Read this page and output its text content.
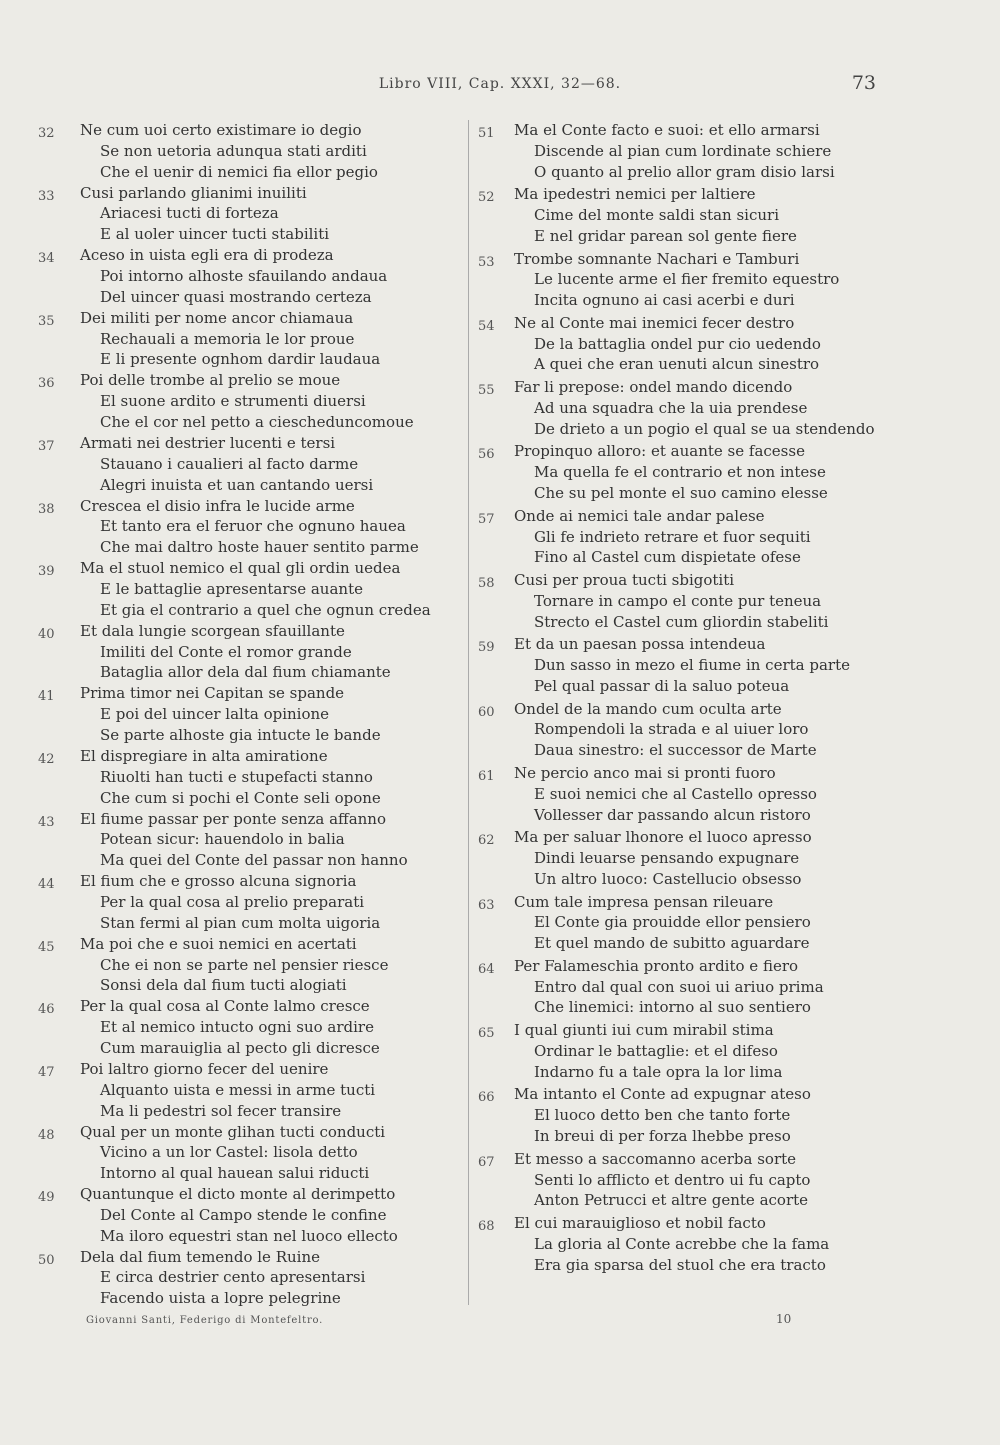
Libro VIII, Cap. XXXI, 32—68.	73
32 Ne cum uoi certo existimare io degio
Se non uetoria adunqua stati arditi
Che el uenir di nemici fia ellor pegio
33 Cusi parlando glianimi inuiliti
Ariacesi tucti di forteza
E al uoler uincer tucti stabiliti
34 Aceso in uista egli era di prodeza
Poi intorno alhoste sfauilando andaua
Del uincer quasi mostrando certeza
35 Dei militi per nome ancor chiamaua
Rechauali a memoria le lor proue
E li presente ognhom dardir laudaua
36 Poi delle trombe al prelio se moue
El suone ardito e strumenti diuersi
Che el cor nel petto a ciescheduncomoue
37 Armati nei destrier lucenti e tersi
Stauano i caualieri al facto darme
Alegri inuista et uan cantando uersi
38 Crescea el disio infra le lucide arme
Et tanto era el feruor che ognuno hauea
Che mai daltro hoste hauer sentito parme
39 Ma el stuol nemico el qual gli ordin uedea
E le battaglie apresentarse auante
Et gia el contrario a quel che ognun credea
40 Et dala lungie scorgean sfauillante
Imiliti del Conte el romor grande
Bataglia allor dela dal fium chiamante
41 Prima timor nei Capitan se spande
E poi del uincer lalta opinione
Se parte alhoste gia intucte le bande
42 El dispregiare in alta amiratione
Riuolti han tucti e stupefacti stanno
Che cum si pochi el Conte seli opone
43 El fiume passar per ponte senza affanno
Potean sicur: hauendolo in balia
Ma quei del Conte del passar non hanno
44 El fium che e grosso alcuna signoria
Per la qual cosa al prelio preparati
Stan fermi al pian cum molta uigoria
45 Ma poi che e suoi nemici en acertati
Che ei non se parte nel pensier riesce
Sonsi dela dal fium tucti alogiati
46 Per la qual cosa al Conte lalmo cresce
Et al nemico intucto ogni suo ardire
Cum marauiglia al pecto gli dicresce
47 Poi laltro giorno fecer del uenire
Alquanto uista e messi in arme tucti
Ma li pedestri sol fecer transire
48 Qual per un monte glihan tucti conducti
Vicino a un lor Castel: lisola detto
Intorno al qual hauean salui riducti
49 Quantunque el dicto monte al derimpetto
Del Conte al Campo stende le confine
Ma iloro equestri stan nel luoco ellecto
50 Dela dal fium temendo le Ruine
E circa destrier cento apresentarsi
Facendo uista a lopre pelegrine
51 Ma el Conte facto e suoi: et ello armarsi
Discende al pian cum lordinate schiere
O quanto al prelio allor gram disio larsi
52 Ma ipedestri nemici per laltiere
Cime del monte saldi stan sicuri
E nel gridar parean sol gente fiere
53 Trombe somnante Nachari e Tamburi
Le lucente arme el fier fremito equestro
Incita ognuno ai casi acerbi e duri
54 Ne al Conte mai inemici fecer destro
De la battaglia ondel pur cio uedendo
A quei che eran uenuti alcun sinestro
55 Far li prepose: ondel mando dicendo
Ad una squadra che la uia prendese
De drieto a un pogio el qual se ua stendendo
56 Propinquo alloro: et auante se facesse
Ma quella fe el contrario et non intese
Che su pel monte el suo camino elesse
57 Onde ai nemici tale andar palese
Gli fe indrieto retrare et fuor sequiti
Fino al Castel cum dispietate ofese
58 Cusi per proua tucti sbigotiti
Tornare in campo el conte pur teneua
Strecto el Castel cum gliordin stabeliti
59 Et da un paesan possa intendeua
Dun sasso in mezo el fiume in certa parte
Pel qual passar di la saluo poteua
60 Ondel de la mando cum oculta arte
Rompendoli la strada e al uiuer loro
Daua sinestro: el successor de Marte
61 Ne percio anco mai si pronti fuoro
E suoi nemici che al Castello opresso
Vollesser dar passando alcun ristoro
62 Ma per saluar lhonore el luoco apresso
Dindi leuarse pensando expugnare
Un altro luoco: Castellucio obsesso
63 Cum tale impresa pensan rileuare
El Conte gia prouidde ellor pensiero
Et quel mando de subitto aguardare
64 Per Falameschia pronto ardito e fiero
Entro dal qual con suoi ui ariuo prima
Che linemici: intorno al suo sentiero
65 I qual giunti iui cum mirabil stima
Ordinar le battaglie: et el difeso
Indarno fu a tale opra la lor lima
66 Ma intanto el Conte ad expugnar ateso
El luoco detto ben che tanto forte
In breui di per forza lhebbe preso
67 Et messo a saccomanno acerba sorte
Senti lo afflicto et dentro ui fu capto
Anton Petrucci et altre gente acorte
68 El cui marauiglioso et nobil facto
La gloria al Conte acrebbe che la fama
Era gia sparsa del stuol che era tracto
Giovanni Santi, Federigo di Montefeltro.	10
